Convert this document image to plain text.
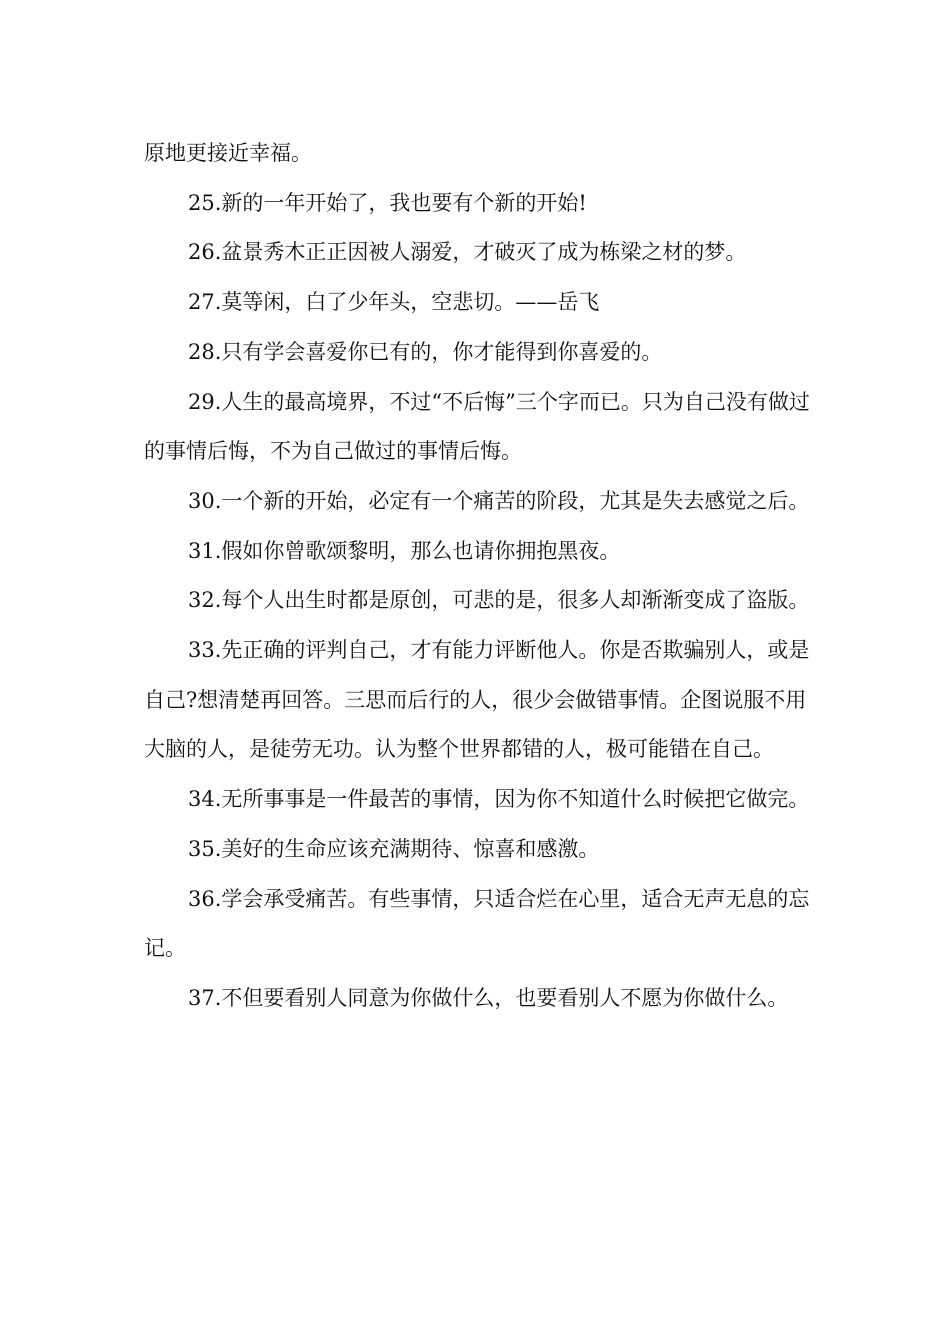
原地更接近幸福。

25.新的一年开始了，我也要有个新的开始!

26.盆景秀木正正因被人溺爱，才破灭了成为栋梁之材的梦。

27.莫等闲，白了少年头，空悲切。——岳飞

28.只有学会喜爱你已有的，你才能得到你喜爱的。

29.人生的最高境界，不过“不后悔”三个字而已。只为自己没有做过的事情后悔，不为自己做过的事情后悔。

30.一个新的开始，必定有一个痛苦的阶段，尤其是失去感觉之后。

31.假如你曾歌颂黎明，那么也请你拥抱黑夜。

32.每个人出生时都是原创，可悲的是，很多人却渐渐变成了盗版。

33.先正确的评判自己，才有能力评断他人。你是否欺骗别人，或是自己?想清楚再回答。三思而后行的人，很少会做错事情。企图说服不用大脑的人，是徒劳无功。认为整个世界都错的人，极可能错在自己。

34.无所事事是一件最苦的事情，因为你不知道什么时候把它做完。

35.美好的生命应该充满期待、惊喜和感激。

36.学会承受痛苦。有些事情，只适合烂在心里，适合无声无息的忘记。

37.不但要看别人同意为你做什么，也要看别人不愿为你做什么。
